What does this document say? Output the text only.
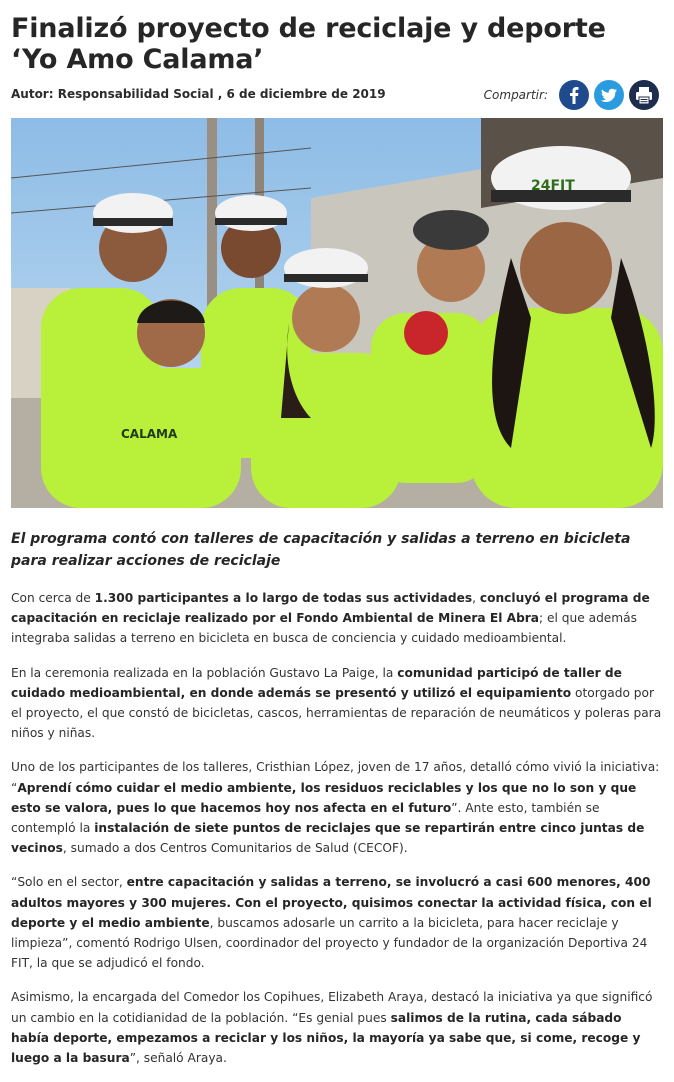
Finalizó proyecto de reciclaje y deporte ‘Yo Amo Calama’
Autor: Responsabilidad Social , 6 de diciembre de 2019	Compartir:
24FIT
CALAMA

El programa contó con talleres de capacitación y salidas a terreno en bicicleta para realizar acciones de reciclaje

Con cerca de 1.300 participantes a lo largo de todas sus actividades, concluyó el programa de capacitación en reciclaje realizado por el Fondo Ambiental de Minera El Abra; el que además integraba salidas a terreno en bicicleta en busca de conciencia y cuidado medioambiental.

En la ceremonia realizada en la población Gustavo La Paige, la comunidad participó de taller de cuidado medioambiental, en donde además se presentó y utilizó el equipamiento otorgado por el proyecto, el que constó de bicicletas, cascos, herramientas de reparación de neumáticos y poleras para niños y niñas.

Uno de los participantes de los talleres, Cristhian López, joven de 17 años, detalló cómo vivió la iniciativa: “Aprendí cómo cuidar el medio ambiente, los residuos reciclables y los que no lo son y que esto se valora, pues lo que hacemos hoy nos afecta en el futuro”. Ante esto, también se contempló la instalación de siete puntos de reciclajes que se repartirán entre cinco juntas de vecinos, sumado a dos Centros Comunitarios de Salud (CECOF).

“Solo en el sector, entre capacitación y salidas a terreno, se involucró a casi 600 menores, 400 adultos mayores y 300 mujeres. Con el proyecto, quisimos conectar la actividad física, con el deporte y el medio ambiente, buscamos adosarle un carrito a la bicicleta, para hacer reciclaje y limpieza”, comentó Rodrigo Ulsen, coordinador del proyecto y fundador de la organización Deportiva 24 FIT, la que se adjudicó el fondo.

Asimismo, la encargada del Comedor los Copihues, Elizabeth Araya, destacó la iniciativa ya que significó un cambio en la cotidianidad de la población. “Es genial pues salimos de la rutina, cada sábado había deporte, empezamos a reciclar y los niños, la mayoría ya sabe que, si come, recoge y luego a la basura”, señaló Araya.
